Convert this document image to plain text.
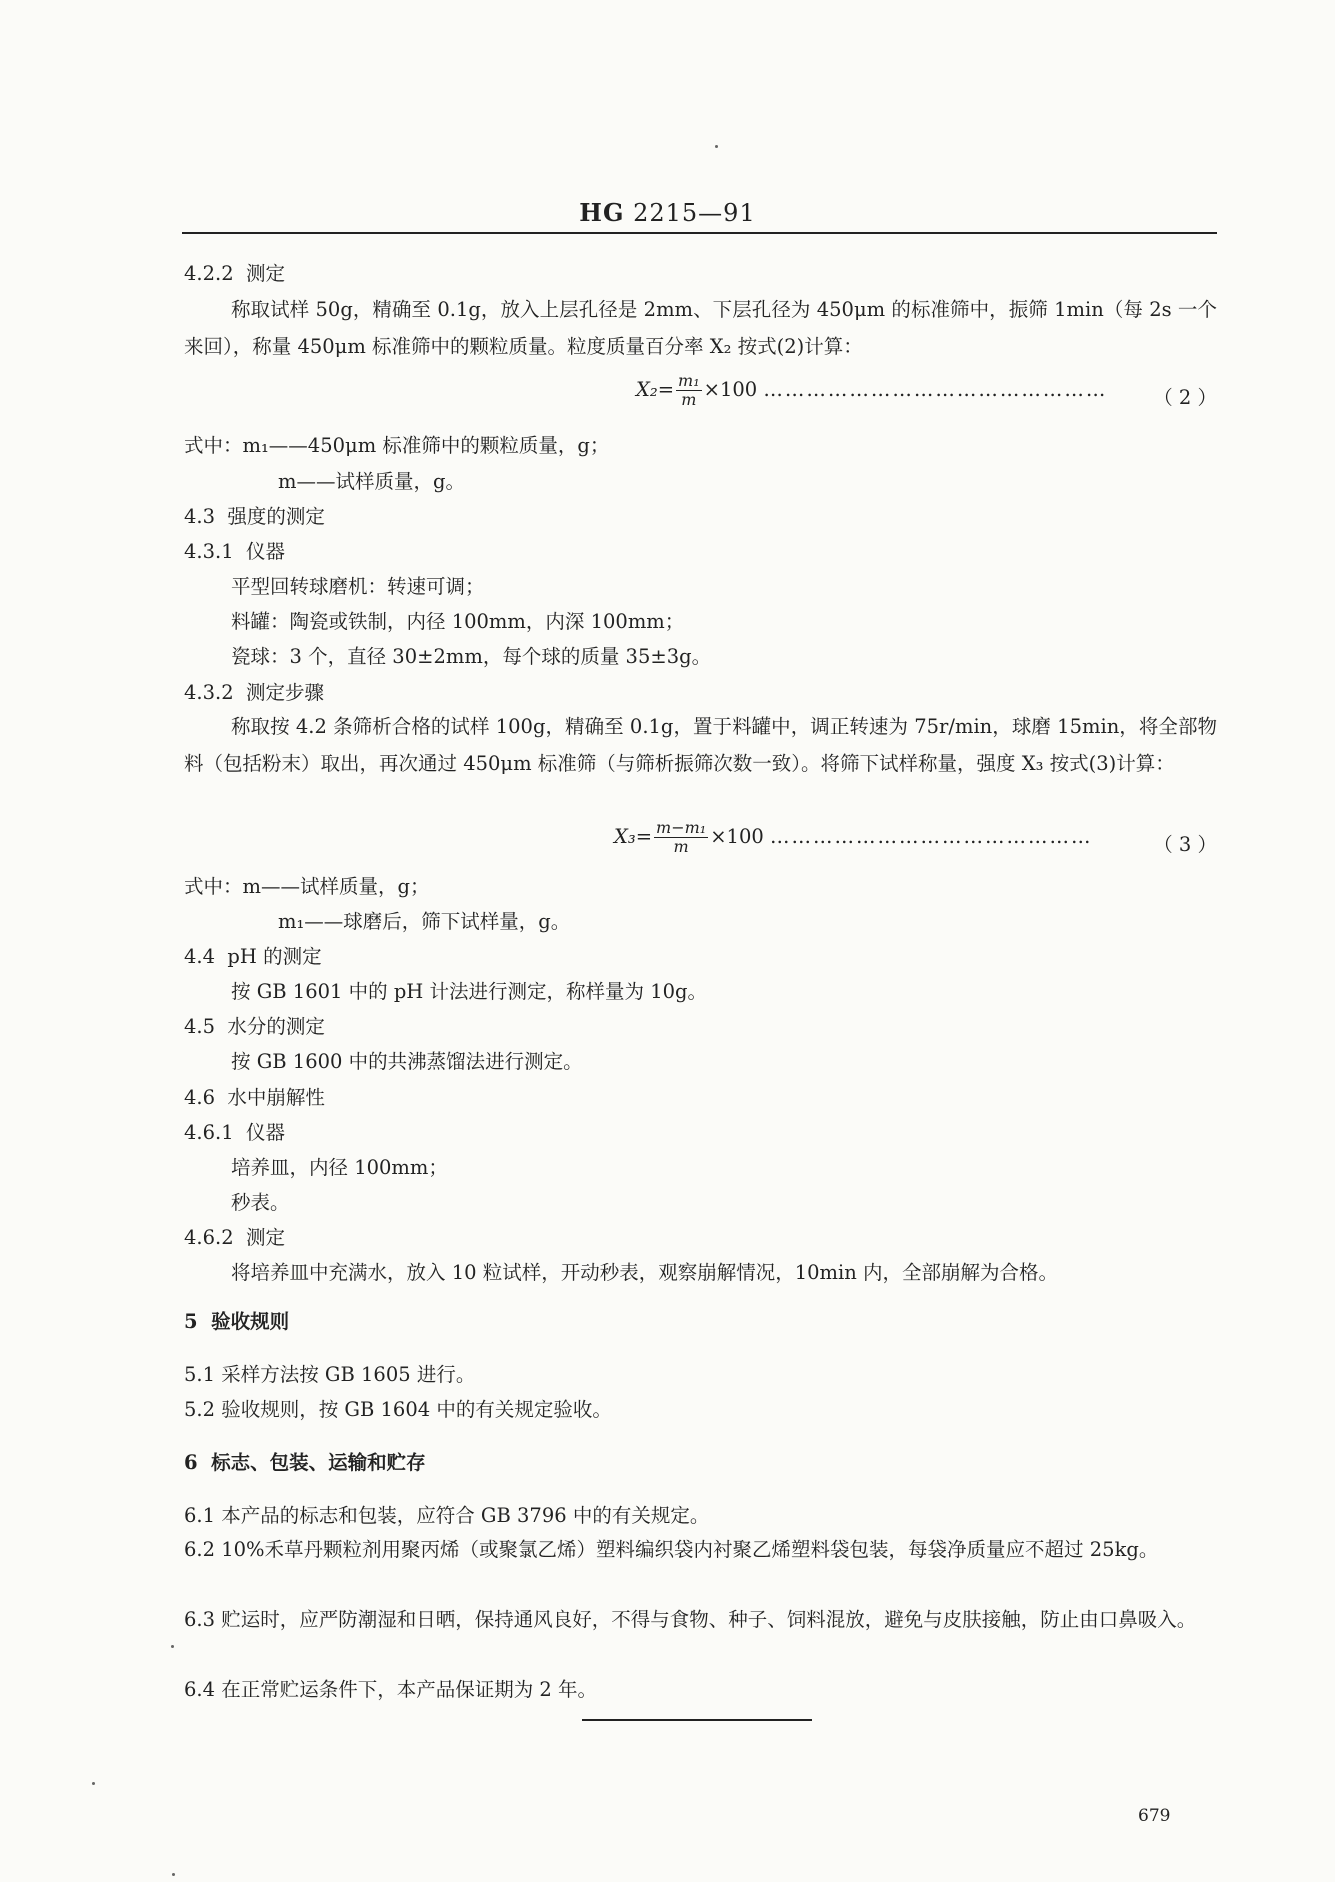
HG 2215—91
4.2.2 测定
称取试样 50g，精确至 0.1g，放入上层孔径是 2mm、下层孔径为 450μm 的标准筛中，振筛 1min（每 2s 一个来回），称量 450μm 标准筛中的颗粒质量。粒度质量百分率 X₂ 按式(2)计算：
$X_2= \frac{\text{m₁}}{m} \times 100$ ………………………………………… （ 2 ）
式中：m₁——450μm 标准筛中的颗粒质量，g；
m——试样质量，g。
4.3 强度的测定
4.3.1 仪器
平型回转球磨机：转速可调；
料罐：陶瓷或铁制，内径 100mm，内深 100mm；
瓷球：3 个，直径 30±2mm，每个球的质量 35±3g。
4.3.2 测定步骤
称取按 4.2 条筛析合格的试样 100g，精确至 0.1g，置于料罐中，调正转速为 75r/min，球磨 15min，将全部物料（包括粉末）取出，再次通过 450μm 标准筛（与筛析振筛次数一致）。将筛下试样称量，强度 X₃ 按式(3)计算：
$X_3= \frac{\text{m−m₁}}{m} \times 100$ ………………………………………	（ 3 ）
式中：m——试样质量，g；
m₁——球磨后，筛下试样量，g。
4.4 pH 的测定
按 GB 1601 中的 pH 计法进行测定，称样量为 10g。
4.5 水分的测定
按 GB 1600 中的共沸蒸馏法进行测定。
4.6 水中崩解性
4.6.1 仪器
培养皿，内径 100mm；
秒表。
4.6.2 测定
将培养皿中充满水，放入 10 粒试样，开动秒表，观察崩解情况，10min 内，全部崩解为合格。
5 验收规则
5.1 采样方法按 GB 1605 进行。
5.2 验收规则，按 GB 1604 中的有关规定验收。
6 标志、包装、运输和贮存
6.1 本产品的标志和包装，应符合 GB 3796 中的有关规定。
6.2 10%禾草丹颗粒剂用聚丙烯（或聚氯乙烯）塑料编织袋内衬聚乙烯塑料袋包装，每袋净质量应不超过 25kg。
6.3 贮运时，应严防潮湿和日晒，保持通风良好，不得与食物、种子、饲料混放，避免与皮肤接触，防止由口鼻吸入。
6.4 在正常贮运条件下，本产品保证期为 2 年。
679
